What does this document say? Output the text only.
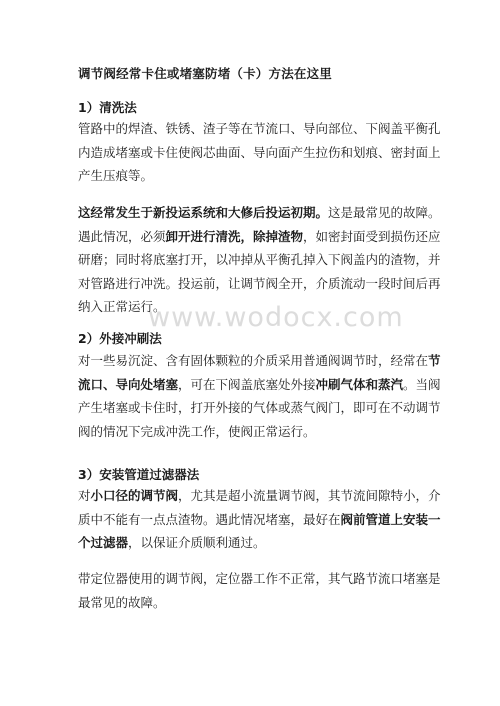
www.wodocx.com
调节阀经常卡住或堵塞防堵（卡）方法在这里
1）清洗法
管路中的焊渣、铁锈、渣子等在节流口、导向部位、下阀盖平衡孔内造成堵塞或卡住使阀芯曲面、导向面产生拉伤和划痕、密封面上产生压痕等。
这经常发生于新投运系统和大修后投运初期。这是最常见的故障。遇此情况，必须卸开进行清洗，除掉渣物，如密封面受到损伤还应研磨；同时将底塞打开，以冲掉从平衡孔掉入下阀盖内的渣物，并对管路进行冲洗。投运前，让调节阀全开，介质流动一段时间后再纳入正常运行。
2）外接冲刷法
对一些易沉淀、含有固体颗粒的介质采用普通阀调节时，经常在节流口、导向处堵塞，可在下阀盖底塞处外接冲刷气体和蒸汽。当阀产生堵塞或卡住时，打开外接的气体或蒸气阀门，即可在不动调节阀的情况下完成冲洗工作，使阀正常运行。
3）安装管道过滤器法
对小口径的调节阀，尤其是超小流量调节阀，其节流间隙特小，介质中不能有一点点渣物。遇此情况堵塞，最好在阀前管道上安装一个过滤器，以保证介质顺利通过。
带定位器使用的调节阀，定位器工作不正常，其气路节流口堵塞是最常见的故障。
